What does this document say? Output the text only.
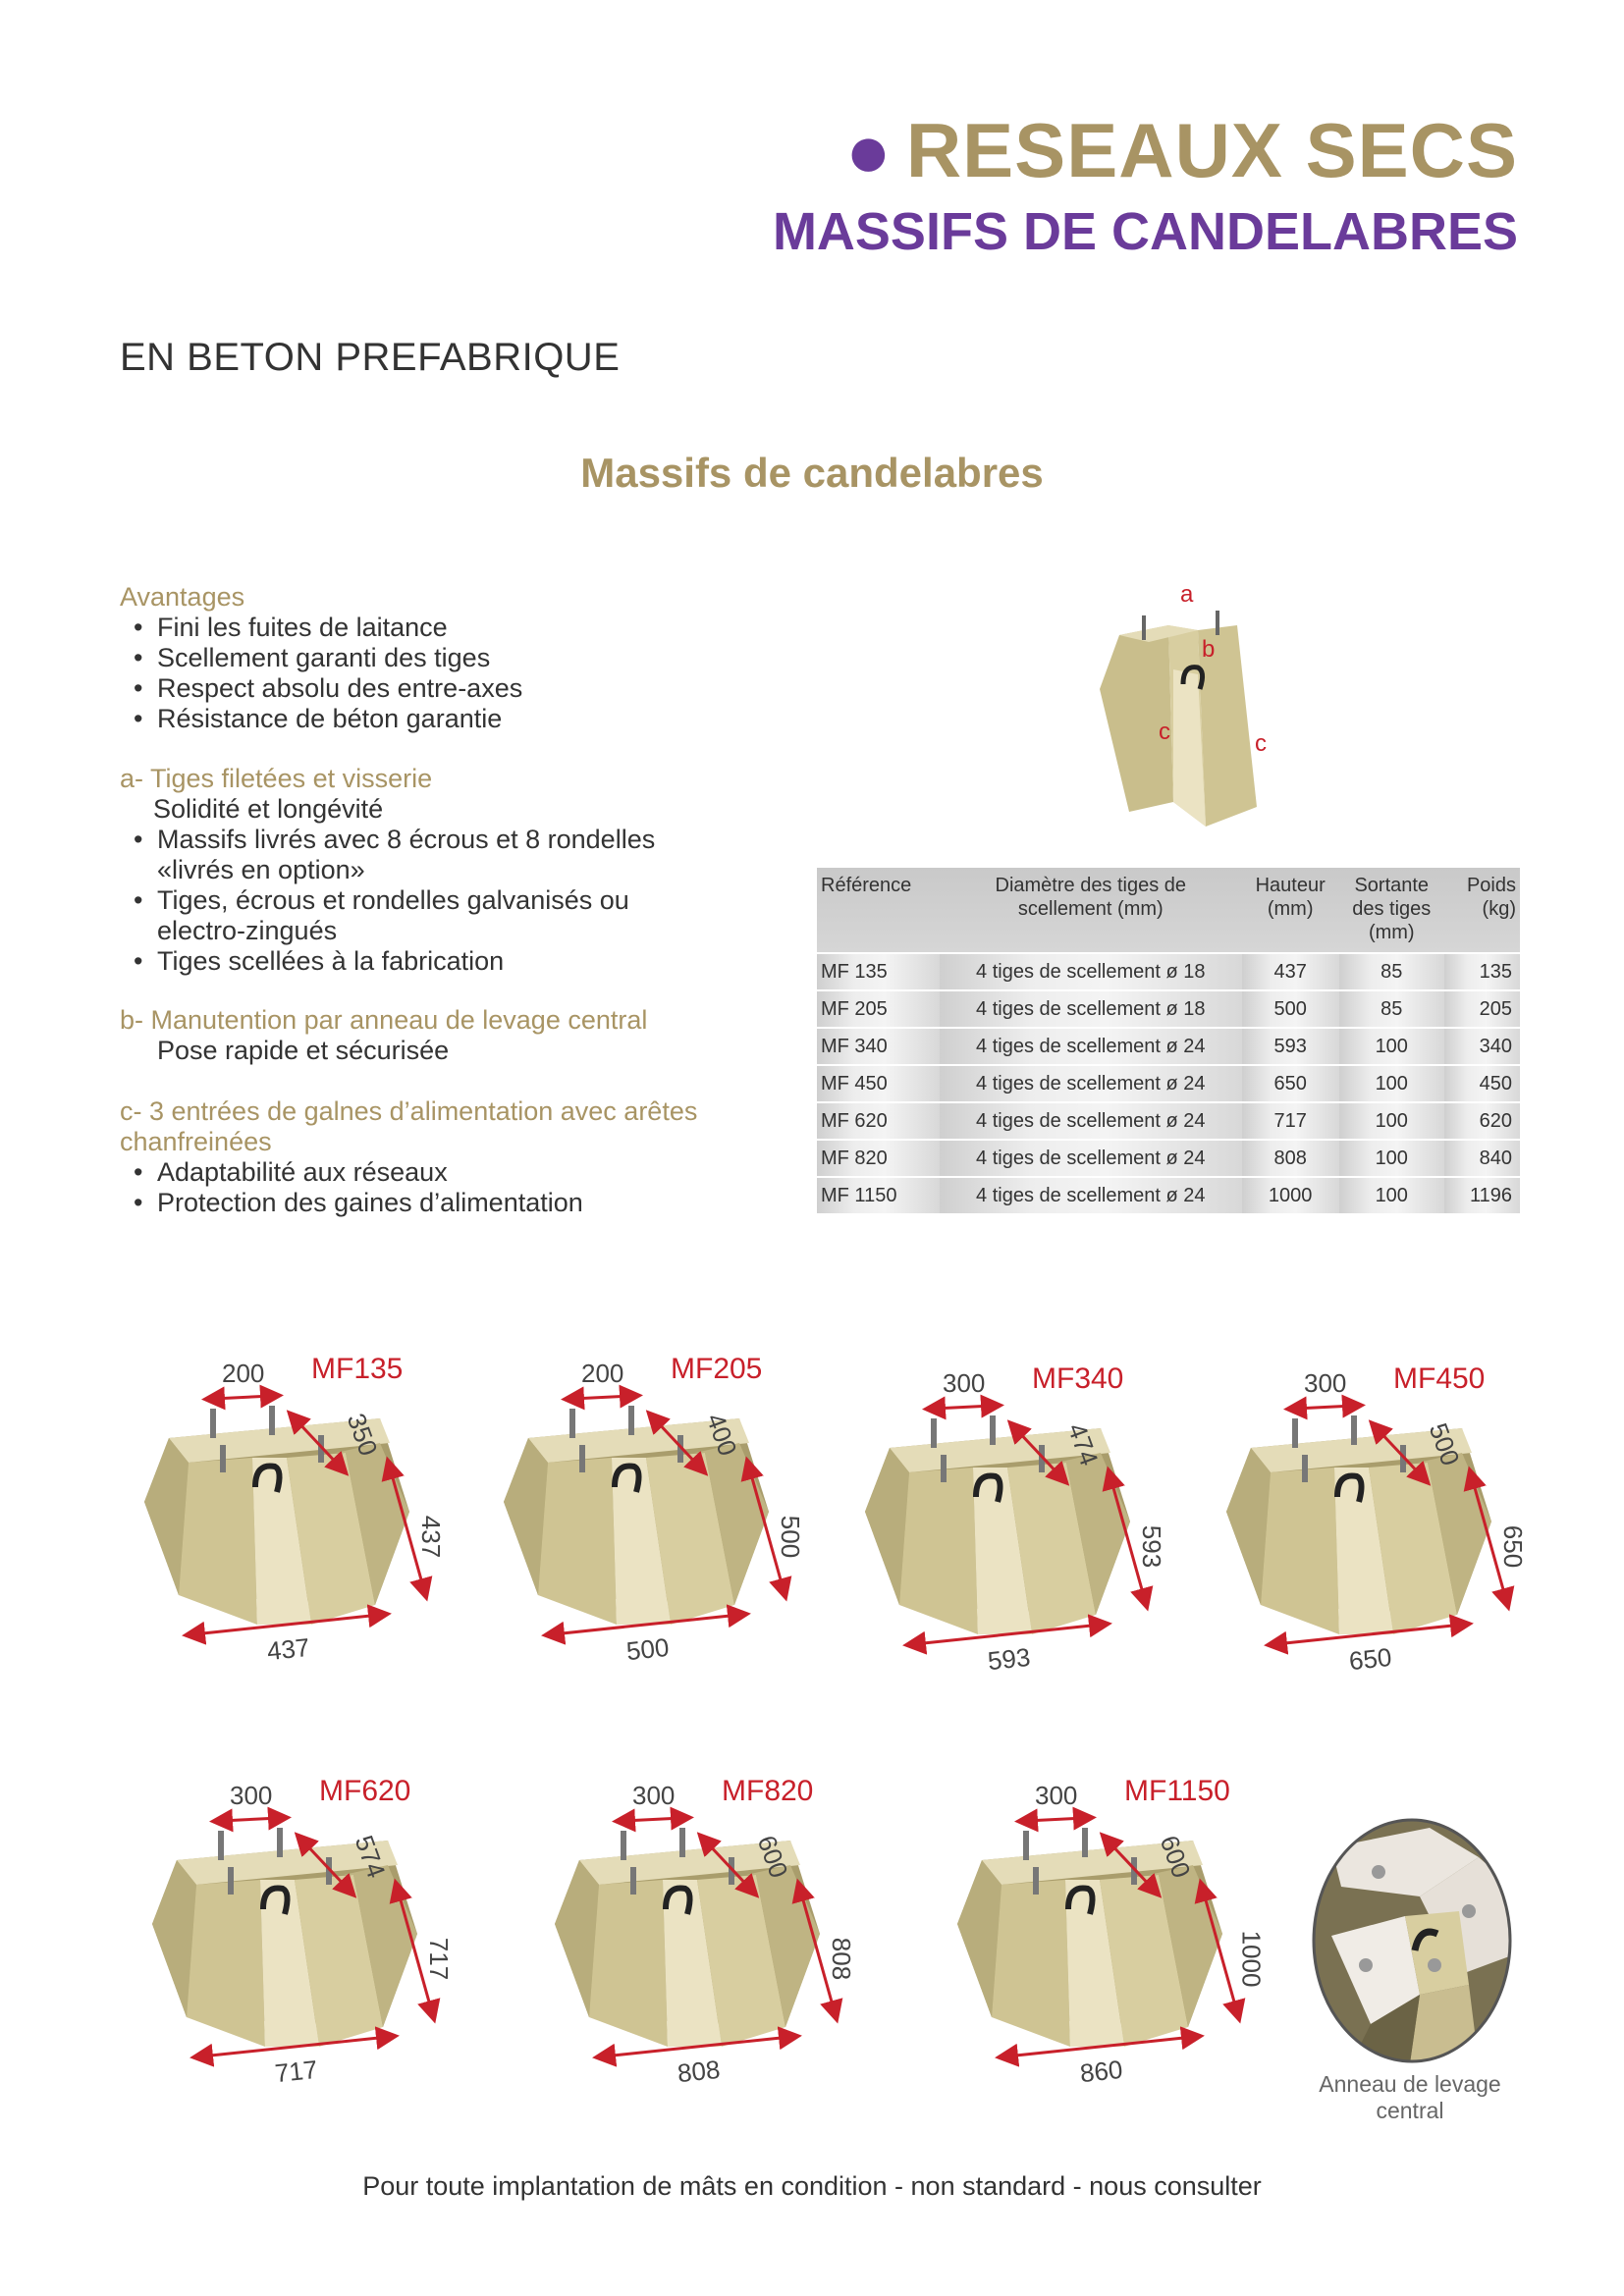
● RESEAUX SECS
MASSIFS DE CANDELABRES
EN BETON PREFABRIQUE
Massifs de candelabres
Avantages
• Fini les fuites de laitance
• Scellement garanti des tiges
• Respect absolu des entre-axes
• Résistance de béton garantie
a- Tiges filetées et visserie
Solidité et longévité
• Massifs livrés avec 8 écrous et 8 rondelles «livrés en option»
• Tiges, écrous et rondelles galvanisés ou electro-zingués
• Tiges scellées à la fabrication
b- Manutention par anneau de levage central
Pose rapide et sécurisée
c- 3 entrées de galnes d’alimentation avec arêtes chanfreinées
• Adaptabilité aux réseaux
• Protection des gaines d’alimentation
a
b
c	c
Référence	Diamètre des tiges de scellement (mm)	Hauteur (mm)	Sortante des tiges (mm)	Poids (kg)
MF 135	4 tiges de scellement ø 18	437	85	135
MF 205	4 tiges de scellement ø 18	500	85	205
MF 340	4 tiges de scellement ø 24	593	100	340
MF 450	4 tiges de scellement ø 24	650	100	450
MF 620	4 tiges de scellement ø 24	717	100	620
MF 820	4 tiges de scellement ø 24	808	100	840
MF 1150	4 tiges de scellement ø 24	1000	100	1196
MF135
200
350
437
437
MF205
200
400
500
500
MF340
300
474
593
593
MF450
300
500
650
650
MF620
300
574
717
717
MF820
300
600
808
808
MF1150
300
600
1000
860	Anneau de levage central
Pour toute implantation de mâts en condition - non standard - nous consulter
